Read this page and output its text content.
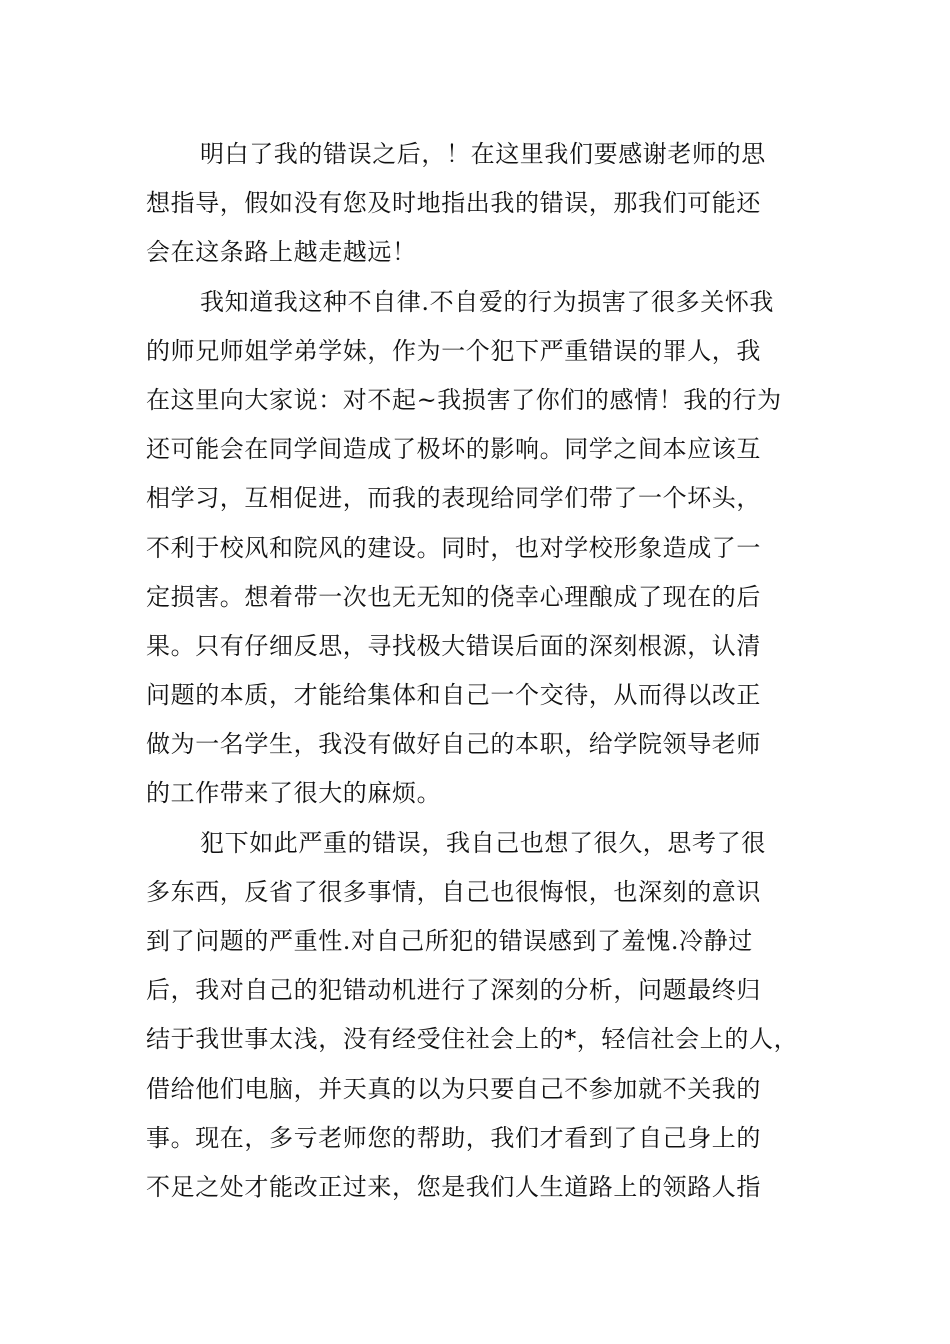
明白了我的错误之后，！在这里我们要感谢老师的思
想指导，假如没有您及时地指出我的错误，那我们可能还
会在这条路上越走越远！
我知道我这种不自律.不自爱的行为损害了很多关怀我
的师兄师姐学弟学妹，作为一个犯下严重错误的罪人，我
在这里向大家说：对不起~我损害了你们的感情！我的行为
还可能会在同学间造成了极坏的影响。同学之间本应该互
相学习，互相促进，而我的表现给同学们带了一个坏头，
不利于校风和院风的建设。同时，也对学校形象造成了一
定损害。想着带一次也无无知的侥幸心理酿成了现在的后
果。只有仔细反思，寻找极大错误后面的深刻根源，认清
问题的本质，才能给集体和自己一个交待，从而得以改正
做为一名学生，我没有做好自己的本职，给学院领导老师
的工作带来了很大的麻烦。
犯下如此严重的错误，我自己也想了很久，思考了很
多东西，反省了很多事情，自己也很悔恨，也深刻的意识
到了问题的严重性.对自己所犯的错误感到了羞愧.冷静过
后，我对自己的犯错动机进行了深刻的分析，问题最终归
结于我世事太浅，没有经受住社会上的*，轻信社会上的人，
借给他们电脑，并天真的以为只要自己不参加就不关我的
事。现在，多亏老师您的帮助，我们才看到了自己身上的
不足之处才能改正过来，您是我们人生道路上的领路人指
